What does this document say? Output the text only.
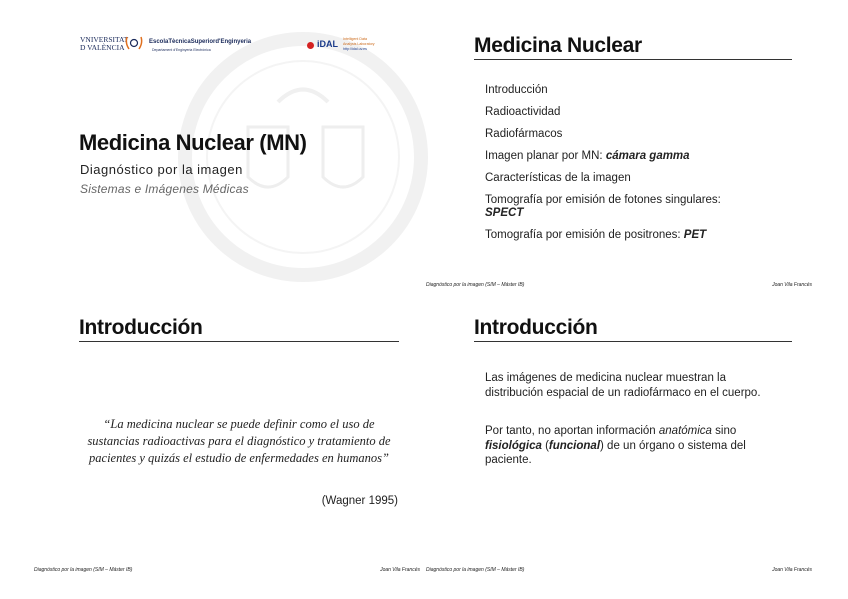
VNIVERSITAT
D VALÈNCIA
EscolaTècnicaSuperiord'Enginyeria
Departament d'Enginyeria Electrònica
iDAL Intelligent Data
Analysis Laboratory
http://idal.uv.es
Medicina Nuclear (MN)
Diagnóstico por la imagen
Sistemas e Imágenes Médicas
Medicina Nuclear
Introducción
Radioactividad
Radiofármacos
Imagen planar por MN: cámara gamma
Características de la imagen
Tomografía por emisión de fotones singulares:
SPECT
Tomografía por emisión de positrones: PET
Diagnóstico por la imagen (SIM – Máster IB)	Joan Vila Francés
Introducción
“La medicina nuclear se puede definir como el uso de sustancias radioactivas para el diagnóstico y tratamiento de pacientes y quizás el estudio de enfermedades en humanos”
(Wagner 1995)
Diagnóstico por la imagen (SIM – Máster IB)	Joan Vila Francés
Introducción
Las imágenes de medicina nuclear muestran la distribución espacial de un radiofármaco en el cuerpo.
Por tanto, no aportan información anatómica sino fisiológica (funcional) de un órgano o sistema del paciente.
Diagnóstico por la imagen (SIM – Máster IB)	Joan Vila Francés
